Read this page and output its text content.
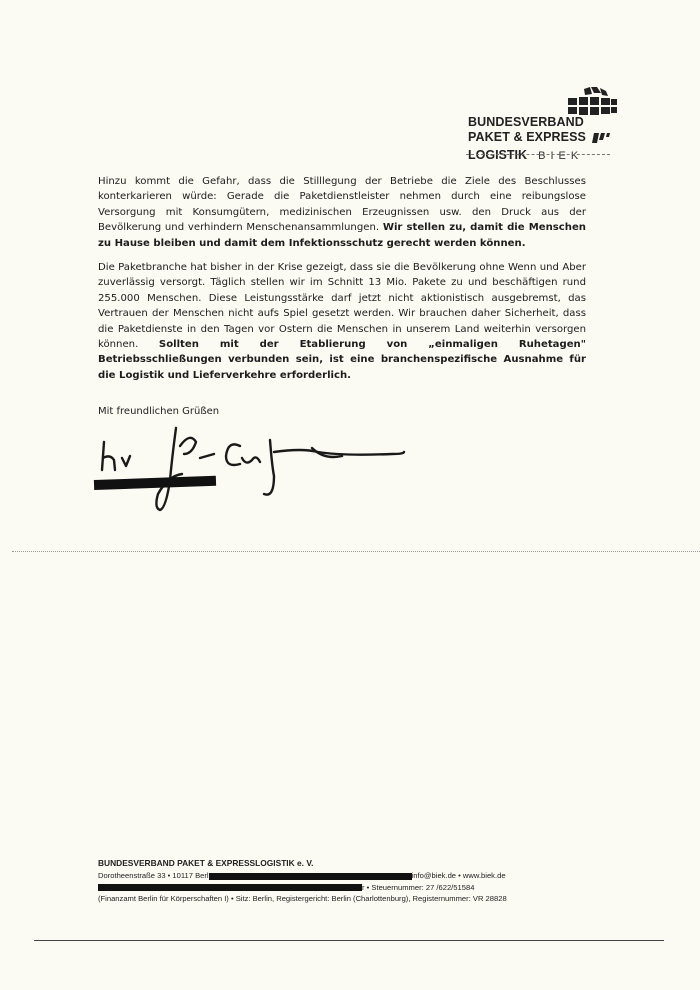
BUNDESVERBAND
PAKET & EXPRESS
LOGISTIK BIEK

Hinzu kommt die Gefahr, dass die Stilllegung der Betriebe die Ziele des Beschlusses konterkarieren würde: Gerade die Paketdienstleister nehmen durch eine reibungslose Versorgung mit Konsumgütern, medizinischen Erzeugnissen usw. den Druck aus der Bevölkerung und verhindern Menschenansammlungen. Wir stellen zu, damit die Menschen zu Hause bleiben und damit dem Infektionsschutz gerecht werden können.

Die Paketbranche hat bisher in der Krise gezeigt, dass sie die Bevölkerung ohne Wenn und Aber zuverlässig versorgt. Täglich stellen wir im Schnitt 13 Mio. Pakete zu und beschäftigen rund 255.000 Menschen. Diese Leistungsstärke darf jetzt nicht aktionistisch ausgebremst, das Vertrauen der Menschen nicht aufs Spiel gesetzt werden. Wir brauchen daher Sicherheit, dass die Paketdienste in den Tagen vor Ostern die Menschen in unserem Land weiterhin versorgen können. Sollten mit der Etablierung von „einmaligen Ruhetagen" Betriebsschließungen verbunden sein, ist eine branchenspezifische Ausnahme für die Logistik und Lieferverkehre erforderlich.

Mit freundlichen Grüßen
BUNDESVERBAND PAKET & EXPRESSLOGISTIK e. V.
Dorotheenstraße 33 • 10117 Berl	info@biek.de • www.biek.de
r • Steuernummer: 27 /622/51584
(Finanzamt Berlin für Körperschaften I) • Sitz: Berlin, Registergericht: Berlin (Charlottenburg), Registernummer: VR 28828
